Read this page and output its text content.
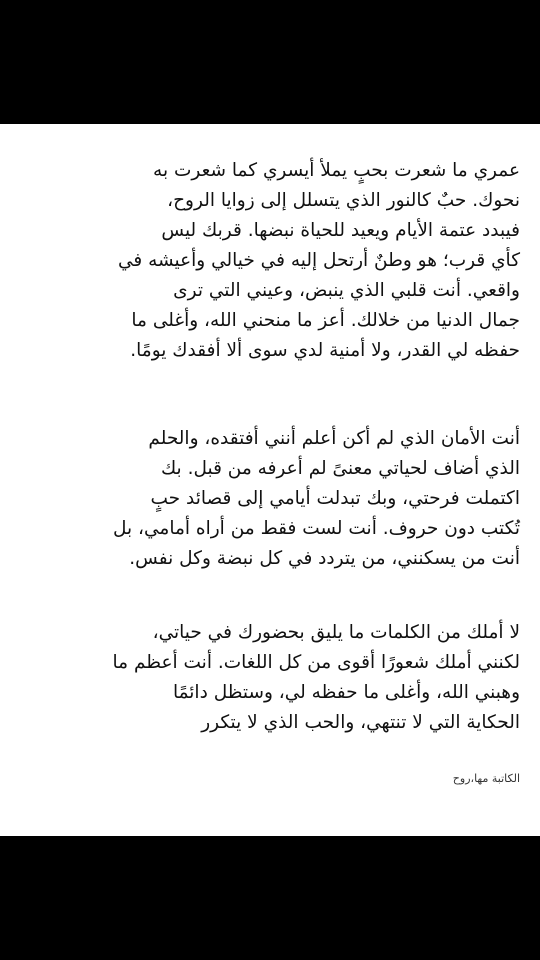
عمري ما شعرت بحبٍ يملأ أيسري كما شعرت به
نحوك. حبٌ كالنور الذي يتسلل إلى زوايا الروح،
فيبدد عتمة الأيام ويعيد للحياة نبضها. قربك ليس
كأي قرب؛ هو وطنٌ أرتحل إليه في خيالي وأعيشه في
واقعي. أنت قلبي الذي ينبض، وعيني التي ترى
جمال الدنيا من خلالك. أعز ما منحني الله، وأغلى ما
حفظه لي القدر، ولا أمنية لدي سوى ألا أفقدك يومًا.
أنت الأمان الذي لم أكن أعلم أنني أفتقده، والحلم
الذي أضاف لحياتي معنىً لم أعرفه من قبل. بك
اكتملت فرحتي، وبك تبدلت أيامي إلى قصائد حبٍ
تُكتب دون حروف. أنت لست فقط من أراه أمامي، بل
أنت من يسكنني، من يتردد في كل نبضة وكل نفس.
لا أملك من الكلمات ما يليق بحضورك في حياتي،
لكنني أملك شعورًا أقوى من كل اللغات. أنت أعظم ما
وهبني الله، وأغلى ما حفظه لي، وستظل دائمًا
الحكاية التي لا تنتهي، والحب الذي لا يتكرر
الكاتبة مها،روح
